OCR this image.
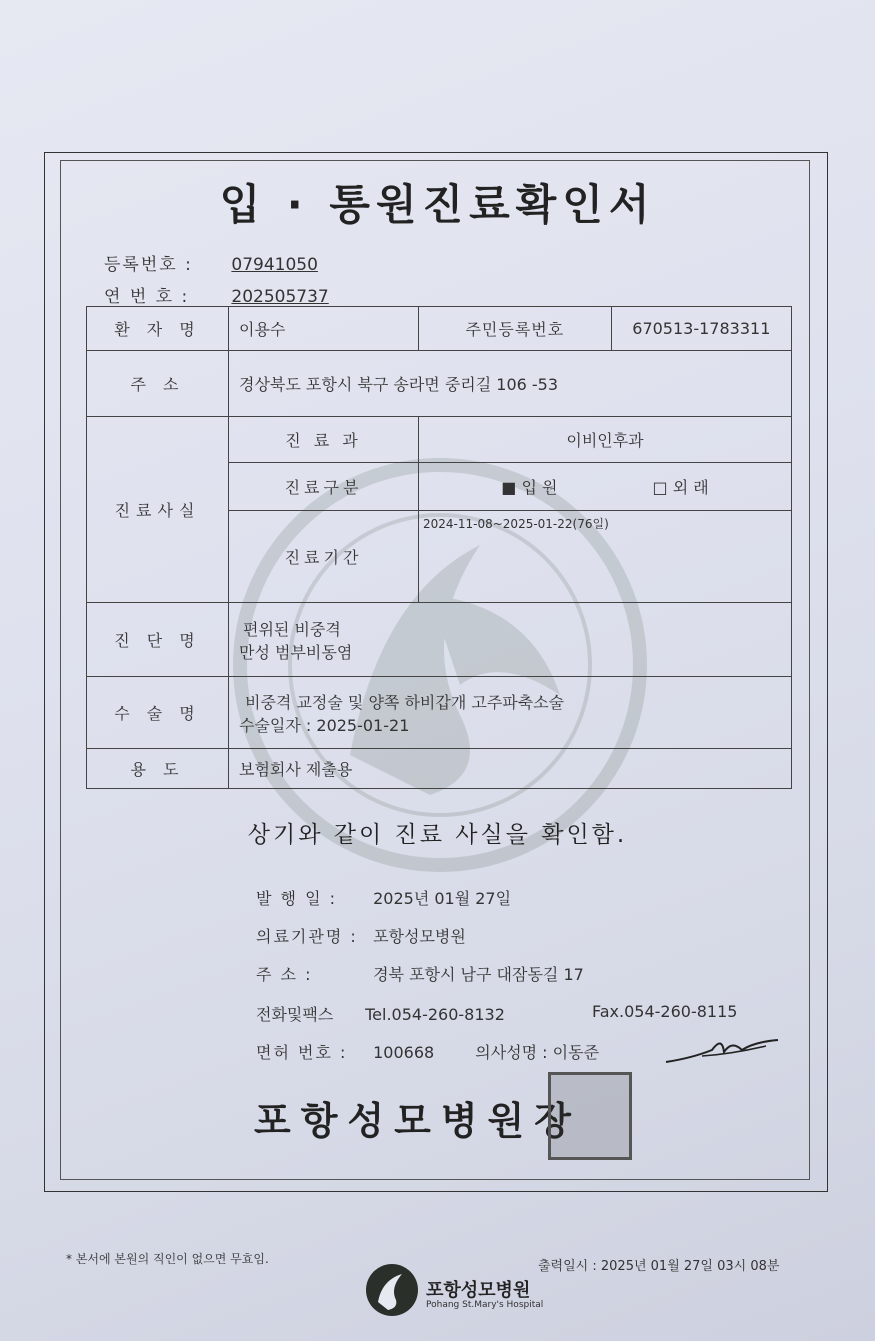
입 · 통원진료확인서
등록번호 : 07941050
연 번 호 : 202505737
환 자 명	이용수	주민등록번호	670513-1783311
주 소	경상북도 포항시 북구 송라면 중리길 106 -53		
진료사실	진 료 과	이비인후과	
	진료구분	■ 입 원 □ 외 래	
	진료기간	2024-11-08~2025-01-22(76일)	
진 단 명	편위된 비중격
만성 범부비동염		

수 술 명	비중격 교정술 및 양쪽 하비갑개 고주파축소술
수술일자 : 2025-01-21		

용 도	보험회사 제출용		
상기와 같이 진료 사실을 확인함.
발 행 일 : 2025년 01월 27일
의료기관명 : 포항성모병원
주 소 :	경북 포항시 남구 대잠동길 17
전화및팩스 Tel.054-260-8132	Fax.054-260-8115
면허 번호 : 100668	의사성명 : 이동준
포항성모병원장
* 본서에 본원의 직인이 없으면 무효임.	출력일시 : 2025년 01월 27일 03시 08분
포항성모병원
Pohang St.Mary's Hospital
